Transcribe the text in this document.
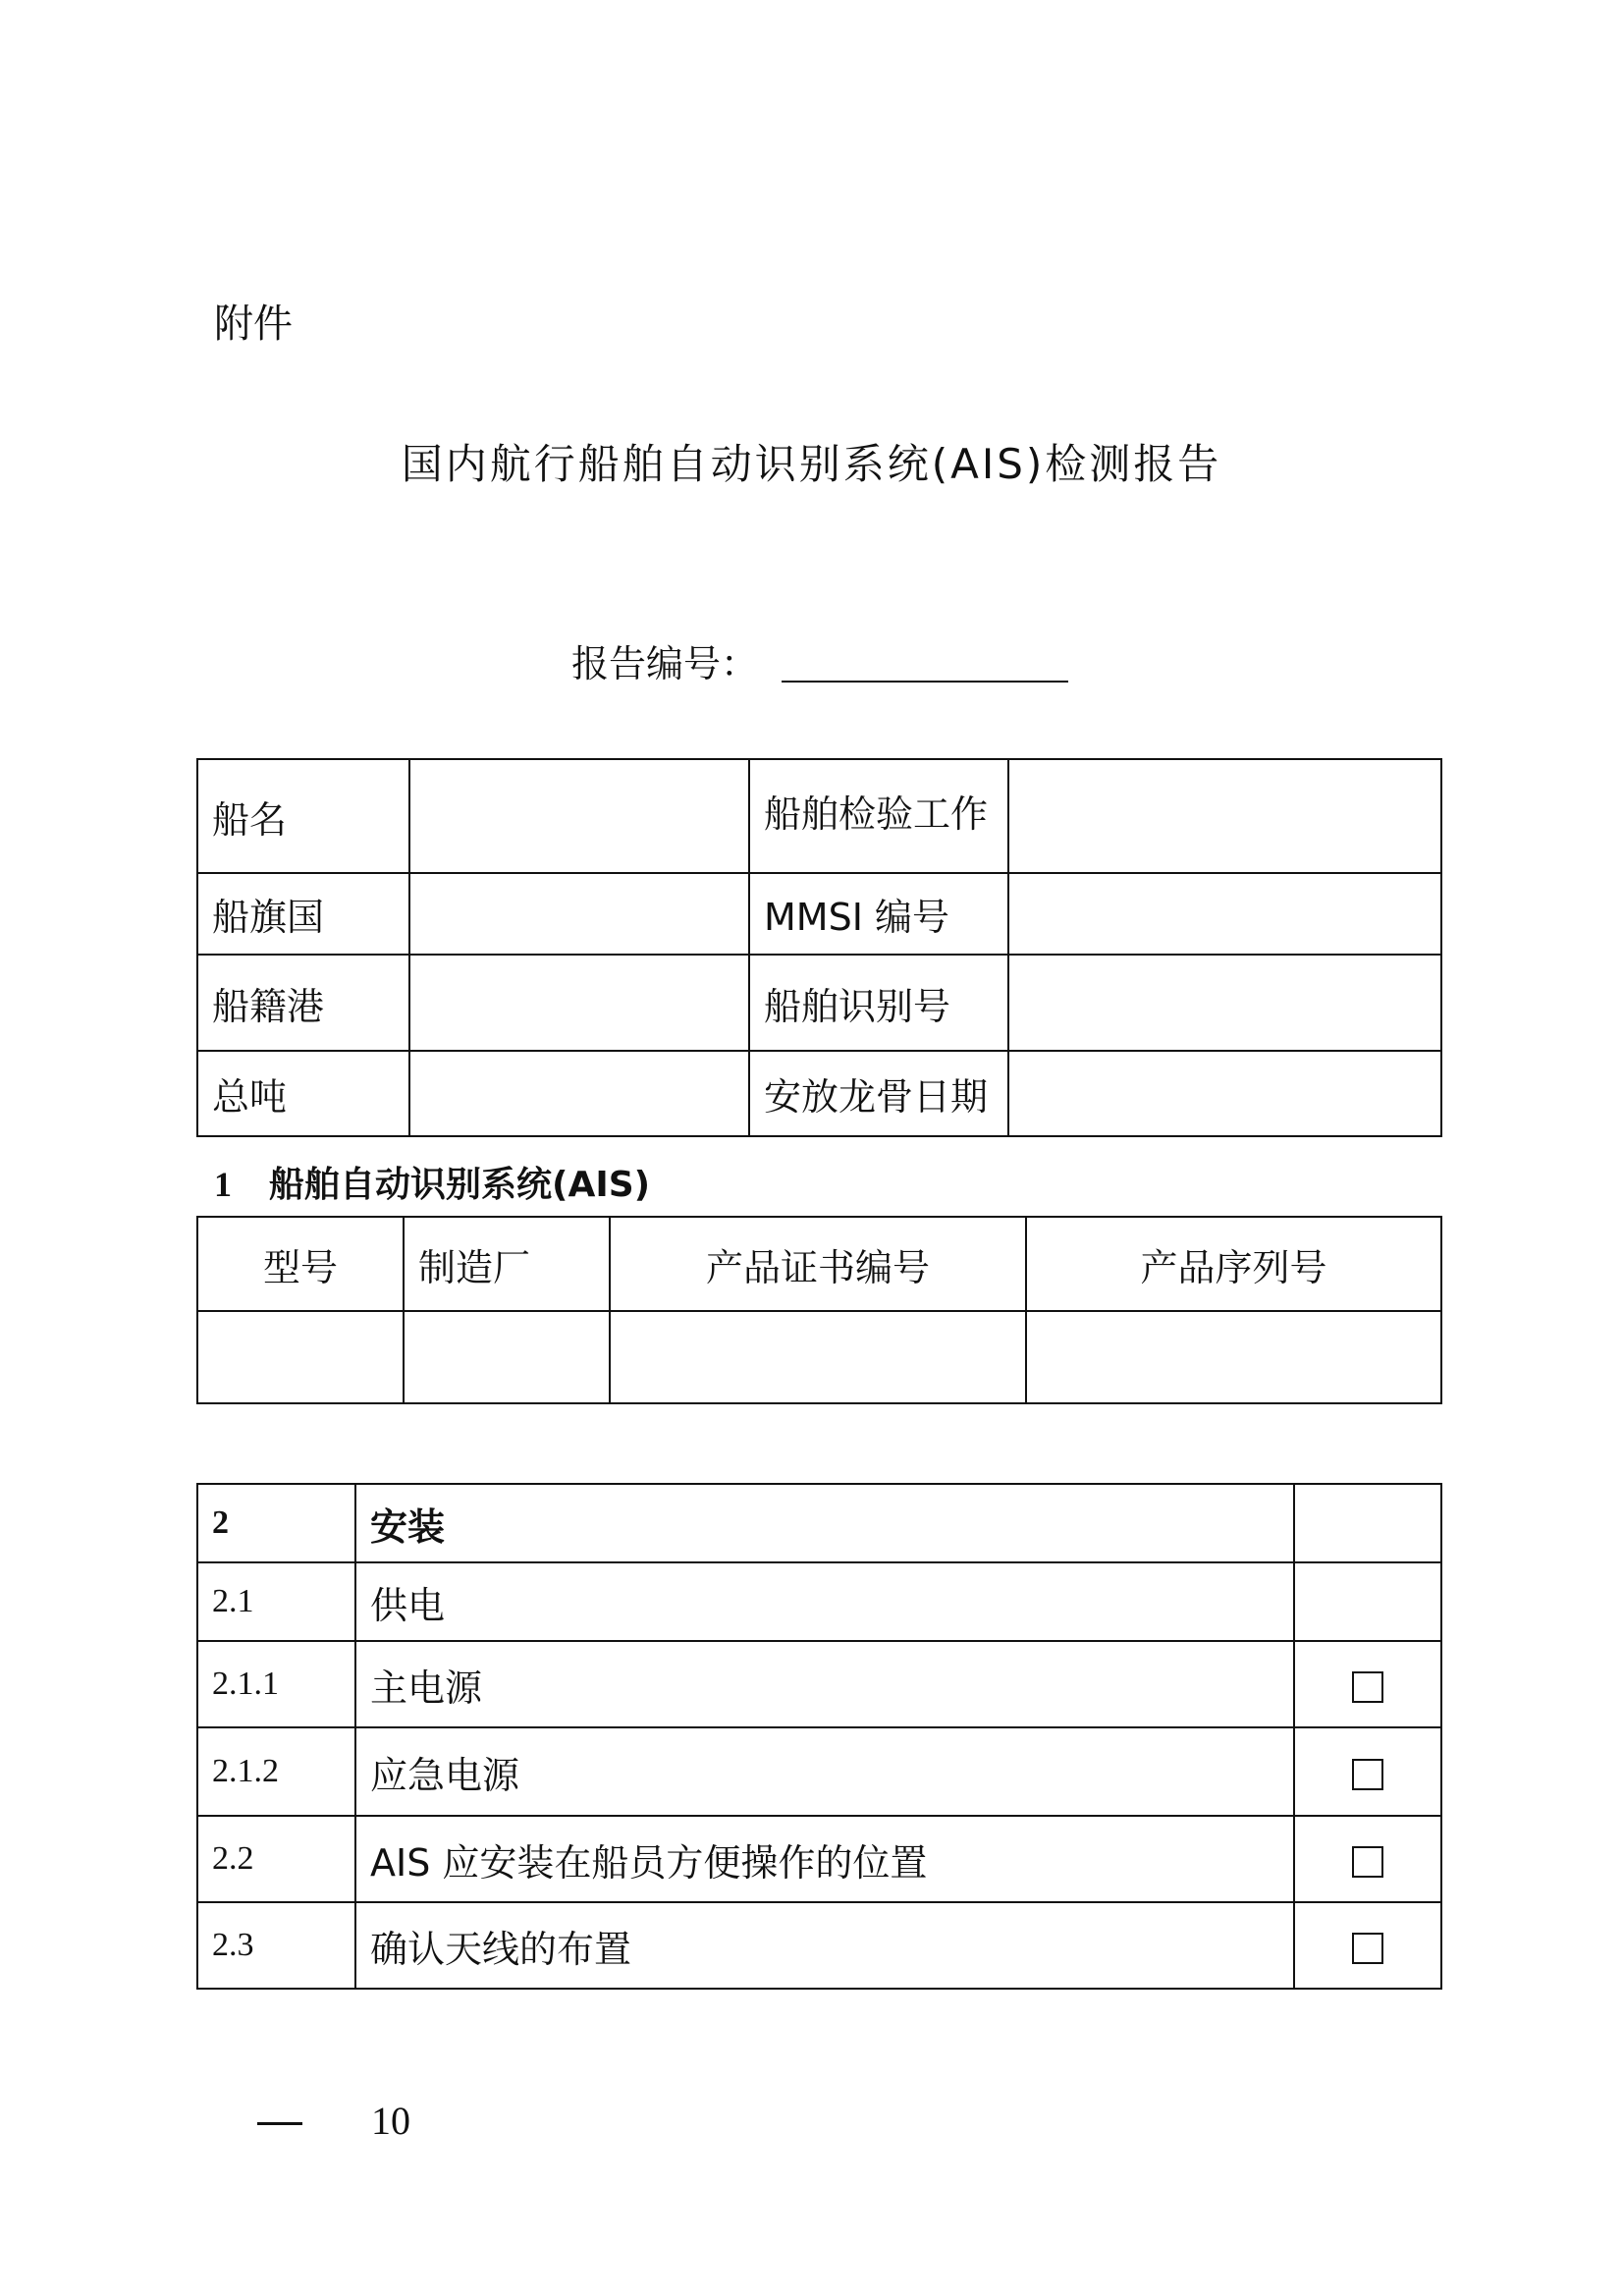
附件
国内航行船舶自动识别系统(AIS)检测报告
报告编号：
船名		船舶检验工作	
船旗国		MMSI 编号	
船籍港		船舶识别号	
总吨		安放龙骨日期	
1 船舶自动识别系统(AIS)
型号	制造厂	产品证书编号	产品序列号

2	安装	
2.1	供电	
2.1.1	主电源	
2.1.2	应急电源	
2.2	AIS 应安装在船员方便操作的位置	
2.3	确认天线的布置	
10
